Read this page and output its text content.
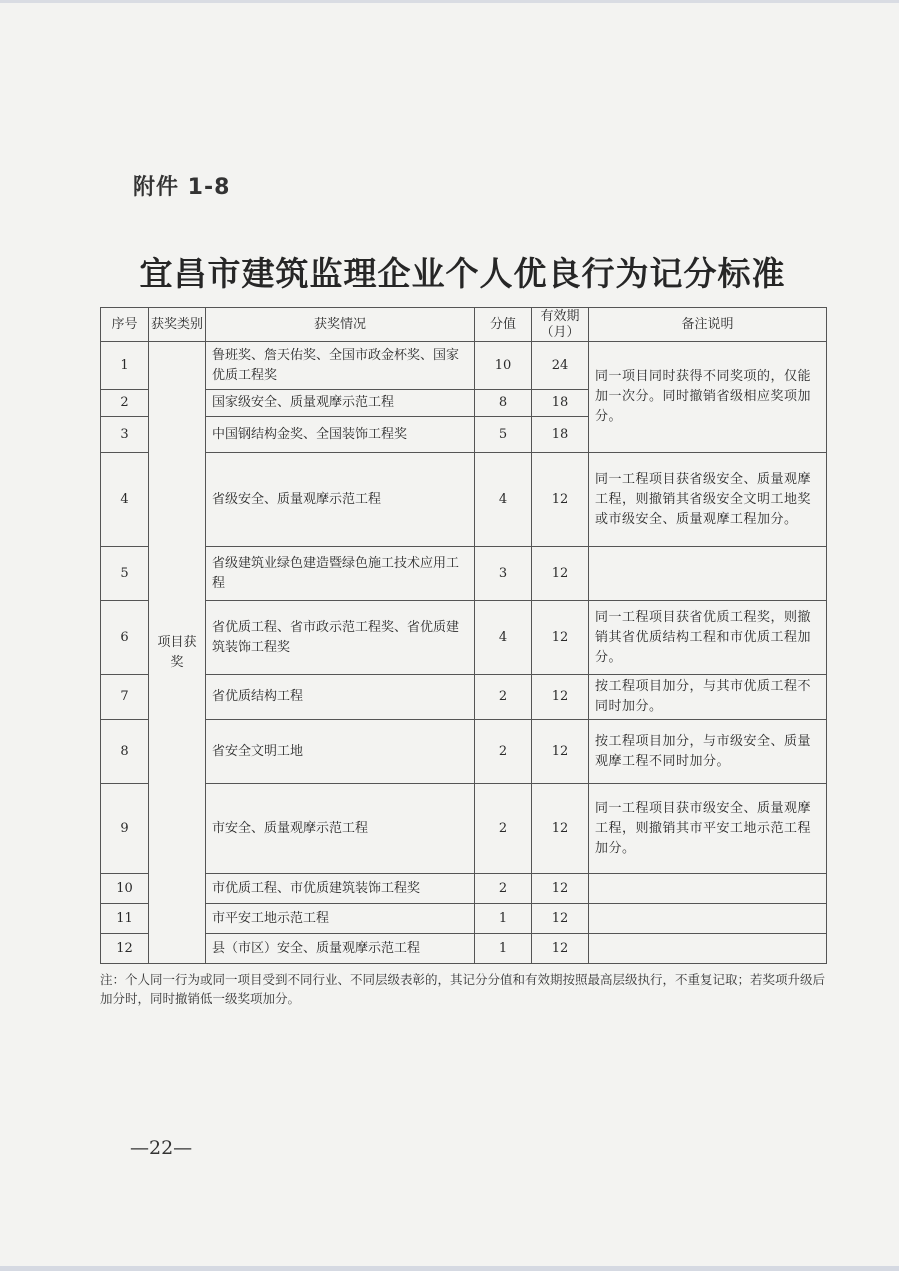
附件 1-8
宜昌市建筑监理企业个人优良行为记分标准
序号	获奖类别	获奖情况	分值	有效期（月）	备注说明
1	项目获奖	鲁班奖、詹天佑奖、全国市政金杯奖、国家优质工程奖	10	24	同一项目同时获得不同奖项的，仅能加一次分。同时撤销省级相应奖项加分。
2		国家级安全、质量观摩示范工程	8	18	
3		中国钢结构金奖、全国装饰工程奖	5	18	
4		省级安全、质量观摩示范工程	4	12	同一工程项目获省级安全、质量观摩工程，则撤销其省级安全文明工地奖或市级安全、质量观摩工程加分。
5		省级建筑业绿色建造暨绿色施工技术应用工程	3	12	
6		省优质工程、省市政示范工程奖、省优质建筑装饰工程奖	4	12	同一工程项目获省优质工程奖，则撤销其省优质结构工程和市优质工程加分。
7		省优质结构工程	2	12	按工程项目加分，与其市优质工程不同时加分。
8		省安全文明工地	2	12	按工程项目加分，与市级安全、质量观摩工程不同时加分。
9		市安全、质量观摩示范工程	2	12	同一工程项目获市级安全、质量观摩工程，则撤销其市平安工地示范工程加分。
10		市优质工程、市优质建筑装饰工程奖	2	12	
11		市平安工地示范工程	1	12	
12		县（市区）安全、质量观摩示范工程	1	12	
注：个人同一行为或同一项目受到不同行业、不同层级表彰的，其记分分值和有效期按照最高层级执行，不重复记取；若奖项升级后加分时，同时撤销低一级奖项加分。
—22—
